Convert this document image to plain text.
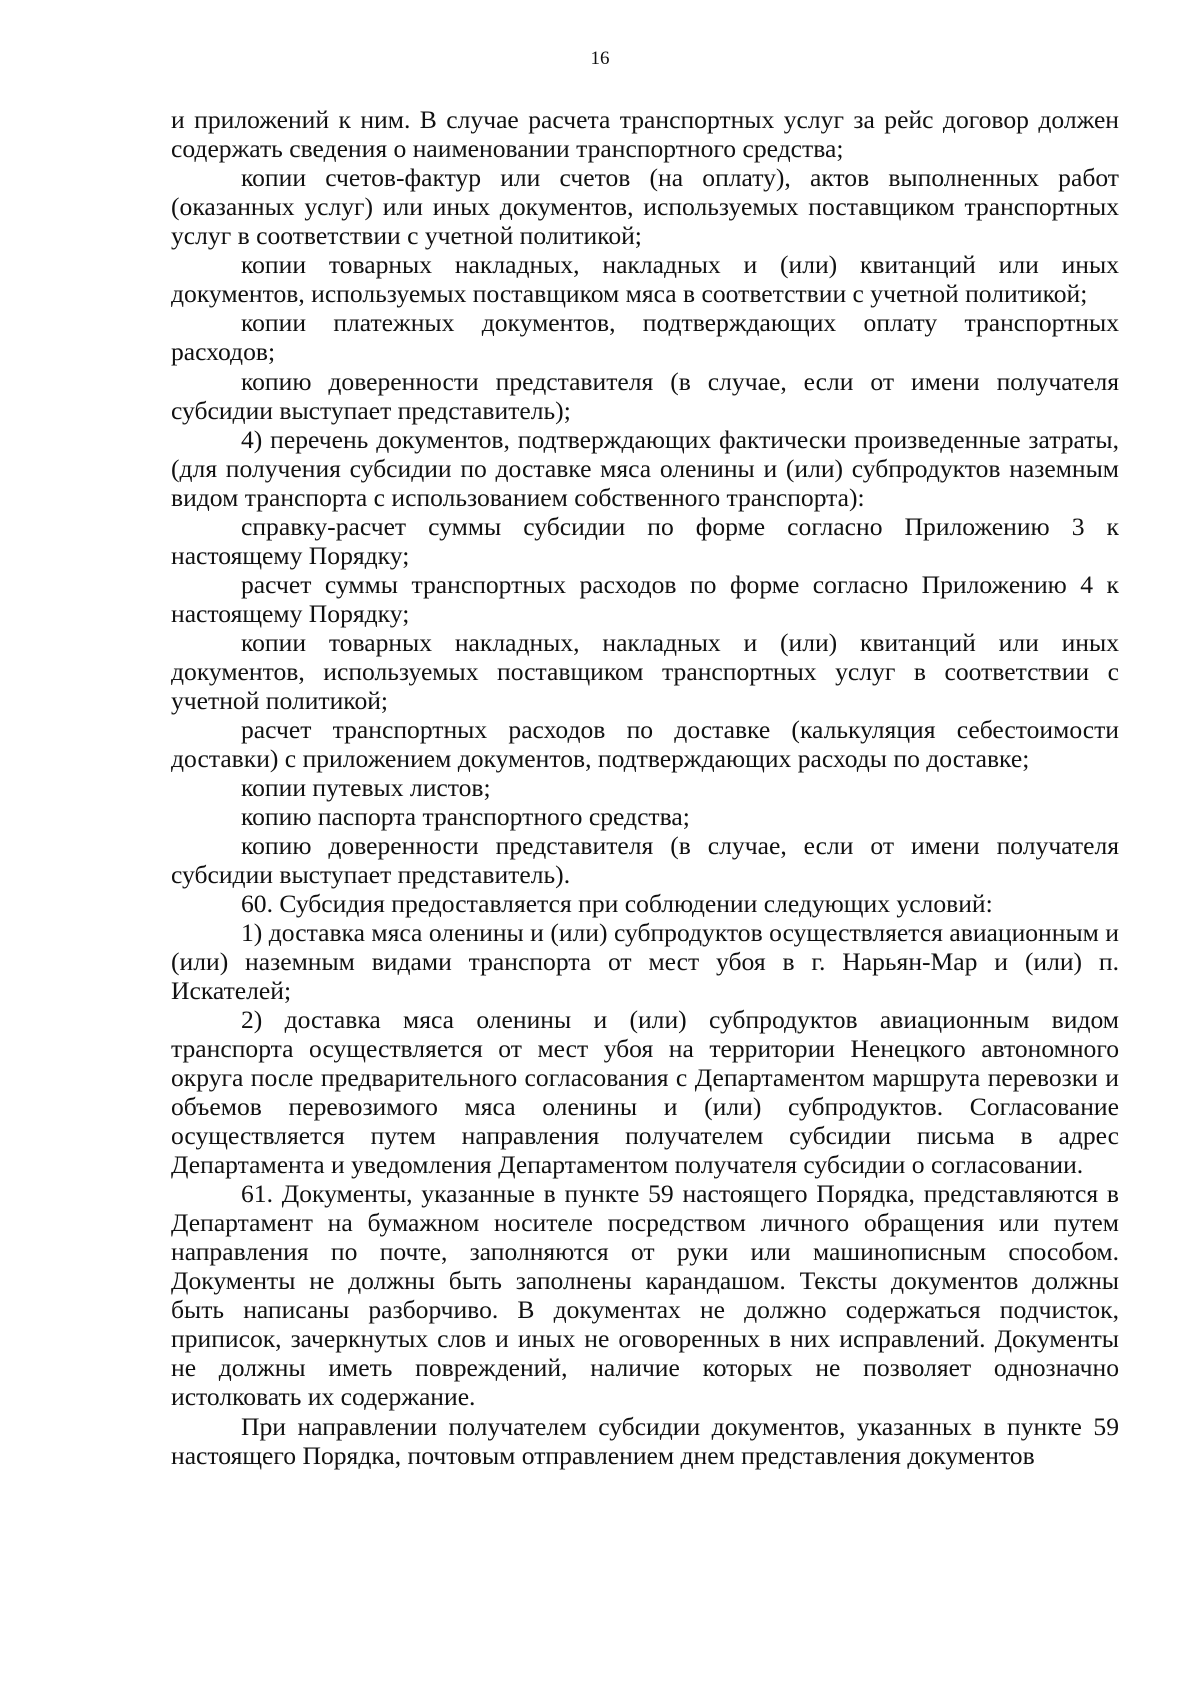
16

и приложений к ним. В случае расчета транспортных услуг за рейс договор должен содержать сведения о наименовании транспортного средства;

копии счетов-фактур или счетов (на оплату), актов выполненных работ (оказанных услуг) или иных документов, используемых поставщиком транспортных услуг в соответствии с учетной политикой;

копии товарных накладных, накладных и (или) квитанций или иных документов, используемых поставщиком мяса в соответствии с учетной политикой;

копии платежных документов, подтверждающих оплату транспортных расходов;

копию доверенности представителя (в случае, если от имени получателя субсидии выступает представитель);

4) перечень документов, подтверждающих фактически произведенные затраты, (для получения субсидии по доставке мяса оленины и (или) субпродуктов наземным видом транспорта с использованием собственного транспорта):

справку-расчет суммы субсидии по форме согласно Приложению 3 к настоящему Порядку;

расчет суммы транспортных расходов по форме согласно Приложению 4 к настоящему Порядку;

копии товарных накладных, накладных и (или) квитанций или иных документов, используемых поставщиком транспортных услуг в соответствии с учетной политикой;

расчет транспортных расходов по доставке (калькуляция себестоимости доставки) с приложением документов, подтверждающих расходы по доставке;

копии путевых листов;

копию паспорта транспортного средства;

копию доверенности представителя (в случае, если от имени получателя субсидии выступает представитель).

60. Субсидия предоставляется при соблюдении следующих условий:

1) доставка мяса оленины и (или) субпродуктов осуществляется авиационным и (или) наземным видами транспорта от мест убоя в г. Нарьян-Мар и (или) п. Искателей;

2) доставка мяса оленины и (или) субпродуктов авиационным видом транспорта осуществляется от мест убоя на территории Ненецкого автономного округа после предварительного согласования с Департаментом маршрута перевозки и объемов перевозимого мяса оленины и (или) субпродуктов. Согласование осуществляется путем направления получателем субсидии письма в адрес Департамента и уведомления Департаментом получателя субсидии о согласовании.

61. Документы, указанные в пункте 59 настоящего Порядка, представляются в Департамент на бумажном носителе посредством личного обращения или путем направления по почте, заполняются от руки или машинописным способом. Документы не должны быть заполнены карандашом. Тексты документов должны быть написаны разборчиво. В документах не должно содержаться подчисток, приписок, зачеркнутых слов и иных не оговоренных в них исправлений. Документы не должны иметь повреждений, наличие которых не позволяет однозначно истолковать их содержание.

При направлении получателем субсидии документов, указанных в пункте 59 настоящего Порядка, почтовым отправлением днем представления документов
